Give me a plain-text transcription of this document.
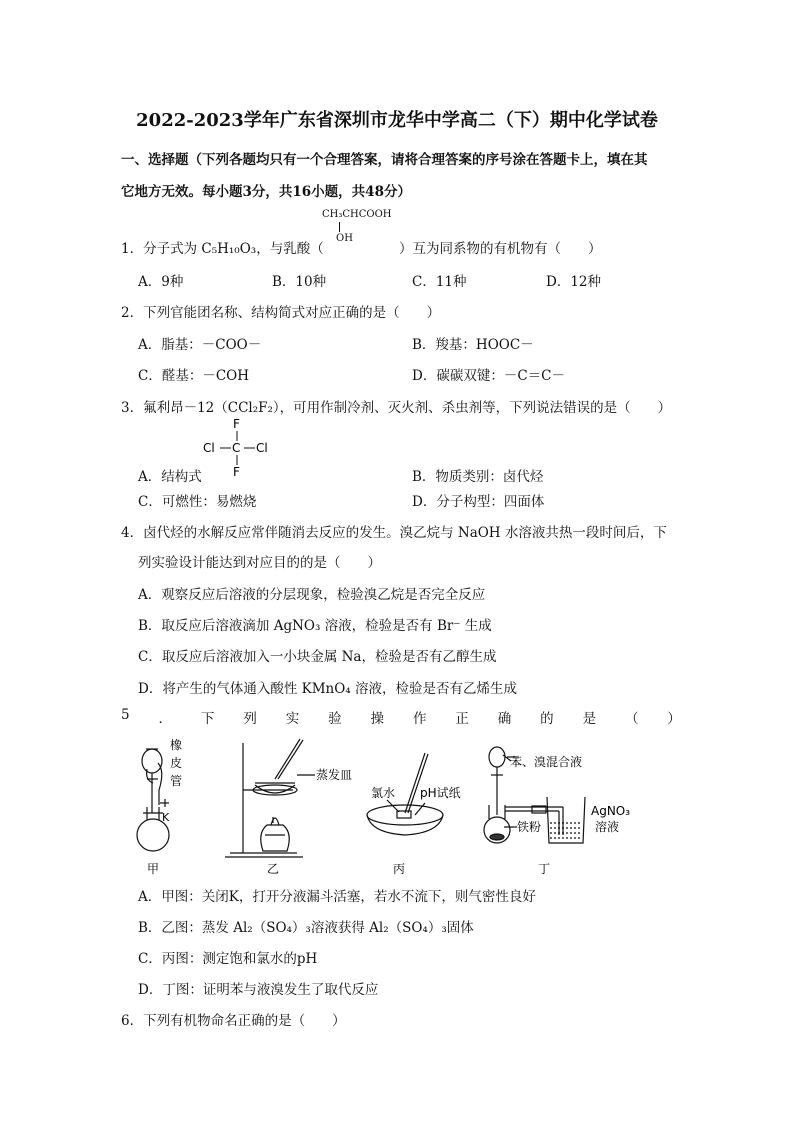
2022-2023学年广东省深圳市龙华中学高二（下）期中化学试卷
一、选择题（下列各题均只有一个合理答案，请将合理答案的序号涂在答题卡上，填在其
它地方无效。每小题3分，共16小题，共48分）
CH₃CHCOOH
OH
1．分子式为 C₅H₁₀O₃，与乳酸（	）互为同系物的有机物有（　　）
A．9种	B．10种	C．11种	D．12种
2．下列官能团名称、结构简式对应正确的是（　　）
A．脂基：－COO－	B．羧基：HOOC－
C．醛基：－COH	D．碳碳双键：－C＝C－
3．氟利昂－12（CCl₂F₂），可用作制冷剂、灭火剂、杀虫剂等，下列说法错误的是（　　）
F
Cl C Cl
F
A．结构式	B．物质类别：卤代烃
C．可燃性：易燃烧	D．分子构型：四面体
4．卤代烃的水解反应常伴随消去反应的发生。溴乙烷与 NaOH 水溶液共热一段时间后，下
列实验设计能达到对应目的的是（　　）
A．观察反应后溶液的分层现象，检验溴乙烷是否完全反应
B．取反应后溶液滴加 AgNO₃ 溶液，检验是否有 Br⁻ 生成
C．取反应后溶液加入一小块金属 Na，检验是否有乙醇生成
D．将产生的气体通入酸性 KMnO₄ 溶液，检验是否有乙烯生成
5 ． 下 列 实 验 操 作 正 确 的 是 （ ）
橡
皮
管
K
蒸发皿
氯水 pH试纸
苯、溴混合液
铁粉
AgNO₃
溶液
甲	乙	丙	丁
A．甲图：关闭K，打开分液漏斗活塞，若水不流下，则气密性良好
B．乙图：蒸发 Al₂（SO₄）₃溶液获得 Al₂（SO₄）₃固体
C．丙图：测定饱和氯水的pH
D．丁图：证明苯与液溴发生了取代反应
6．下列有机物命名正确的是（　　）
